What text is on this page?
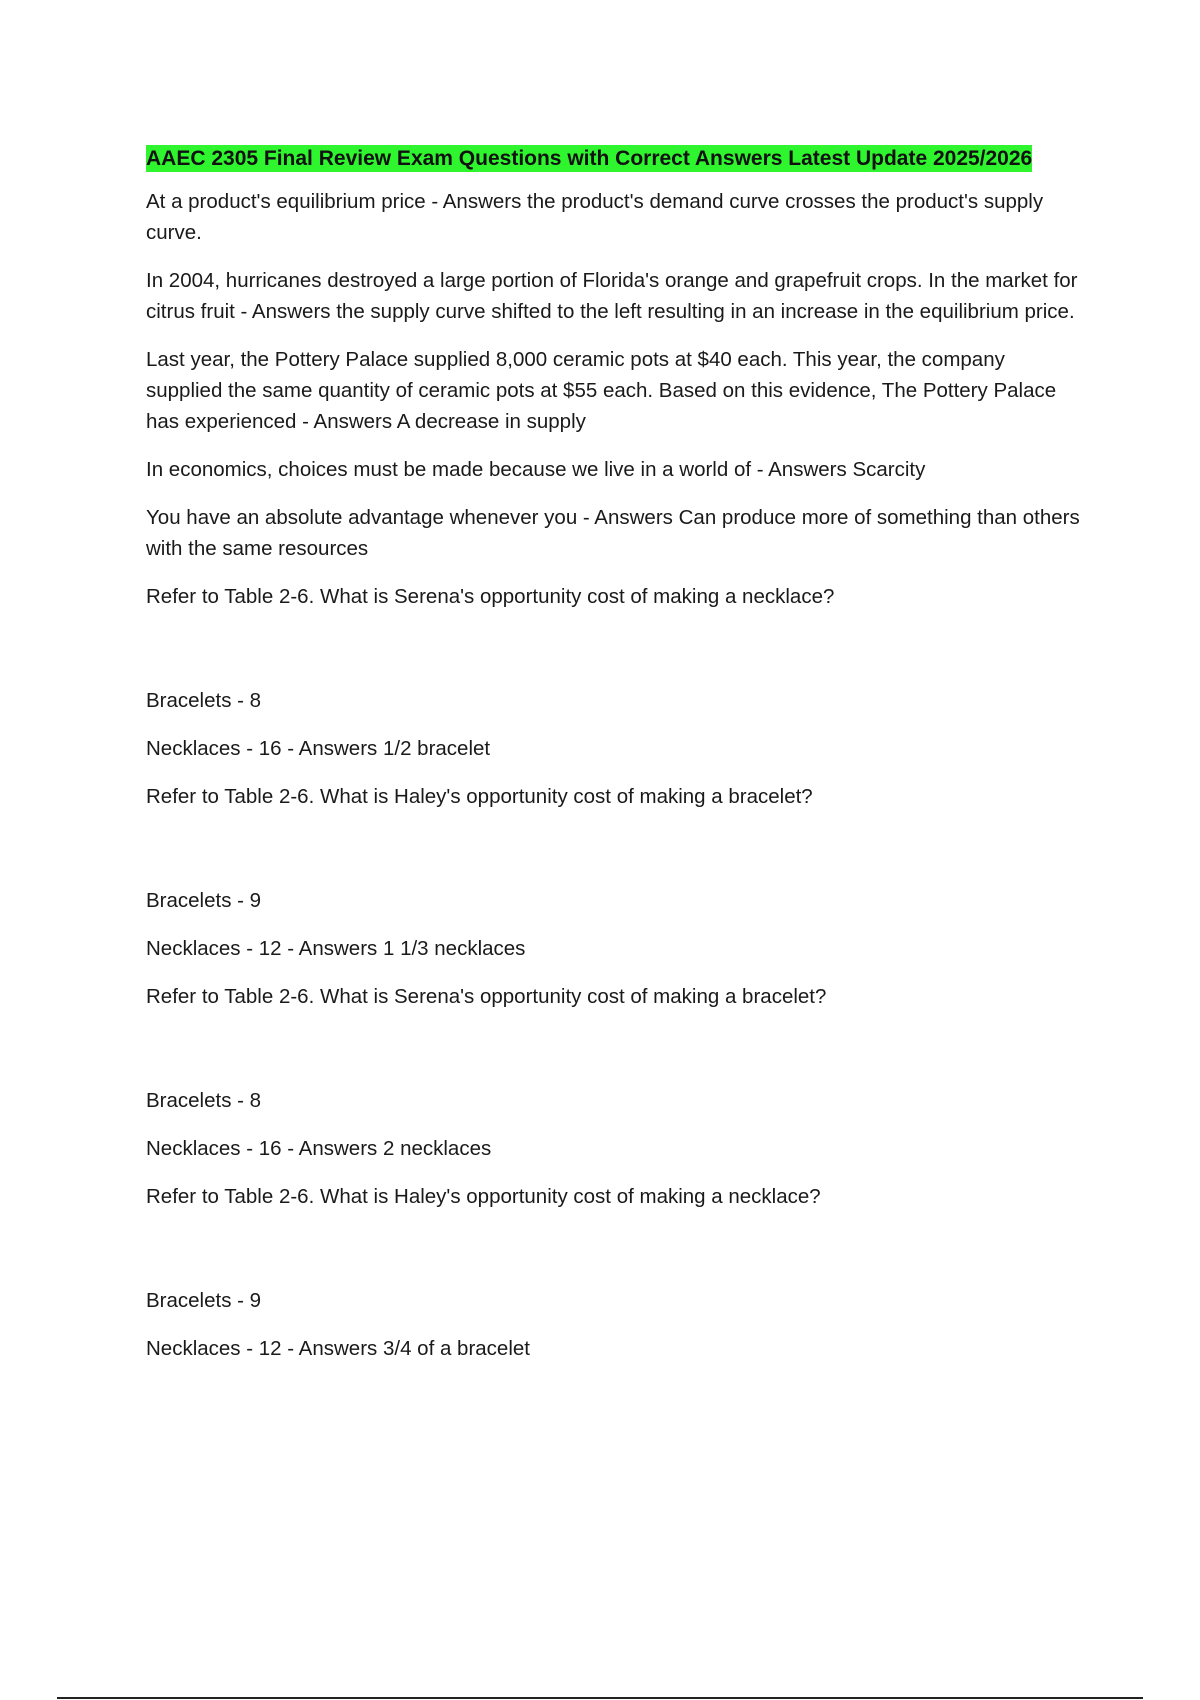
AAEC 2305 Final Review Exam Questions with Correct Answers Latest Update 2025/2026

At a product's equilibrium price - Answers the product's demand curve crosses the product's supply curve.

In 2004, hurricanes destroyed a large portion of Florida's orange and grapefruit crops. In the market for citrus fruit - Answers the supply curve shifted to the left resulting in an increase in the equilibrium price.

Last year, the Pottery Palace supplied 8,000 ceramic pots at $40 each. This year, the company supplied the same quantity of ceramic pots at $55 each. Based on this evidence, The Pottery Palace has experienced - Answers A decrease in supply

In economics, choices must be made because we live in a world of - Answers Scarcity

You have an absolute advantage whenever you - Answers Can produce more of something than others with the same resources

Refer to Table 2-6. What is Serena's opportunity cost of making a necklace?

Bracelets - 8

Necklaces - 16 - Answers 1/2 bracelet

Refer to Table 2-6. What is Haley's opportunity cost of making a bracelet?

Bracelets - 9

Necklaces - 12 - Answers 1 1/3 necklaces

Refer to Table 2-6. What is Serena's opportunity cost of making a bracelet?

Bracelets - 8

Necklaces - 16 - Answers 2 necklaces

Refer to Table 2-6. What is Haley's opportunity cost of making a necklace?

Bracelets - 9

Necklaces - 12 - Answers 3/4 of a bracelet
